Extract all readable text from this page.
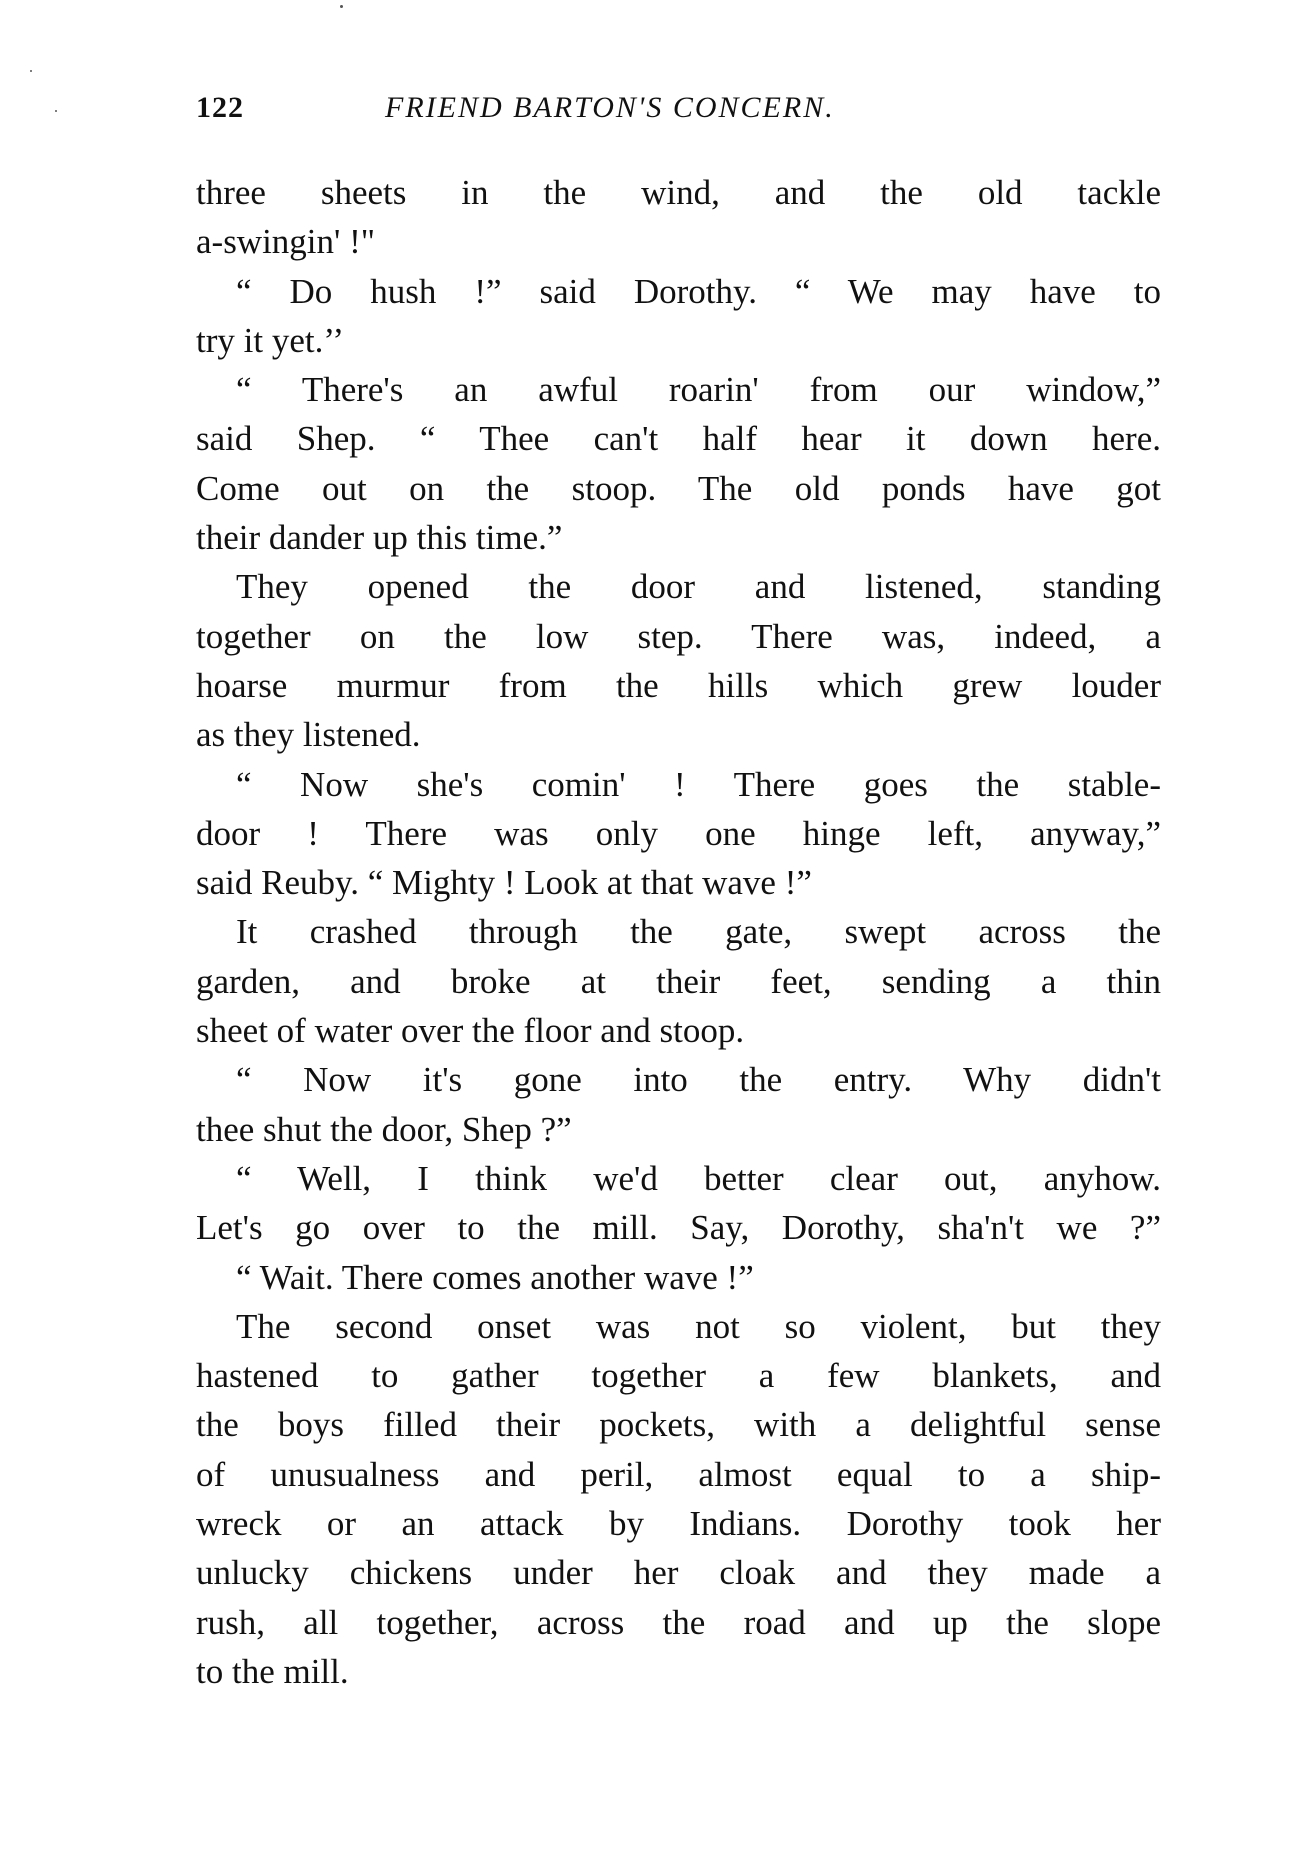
122	FRIEND BARTON'S CONCERN.
three sheets in the wind, and the old tackle
a-swingin' !"
“ Do hush !” said Dorothy. “ We may have to
try it yet.’’
“ There's an awful roarin' from our window,”
said Shep. “ Thee can't half hear it down here.
Come out on the stoop. The old ponds have got
their dander up this time.”
They opened the door and listened, standing
together on the low step. There was, indeed, a
hoarse murmur from the hills which grew louder
as they listened.
“ Now she's comin' ! There goes the stable-
door ! There was only one hinge left, anyway,”
said Reuby. “ Mighty ! Look at that wave !”
It crashed through the gate, swept across the
garden, and broke at their feet, sending a thin
sheet of water over the floor and stoop.
“ Now it's gone into the entry. Why didn't
thee shut the door, Shep ?”
“ Well, I think we'd better clear out, anyhow.
Let's go over to the mill. Say, Dorothy, sha'n't we ?”
“ Wait. There comes another wave !”
The second onset was not so violent, but they
hastened to gather together a few blankets, and
the boys filled their pockets, with a delightful sense
of unusualness and peril, almost equal to a ship-
wreck or an attack by Indians. Dorothy took her
unlucky chickens under her cloak and they made a
rush, all together, across the road and up the slope
to the mill.
